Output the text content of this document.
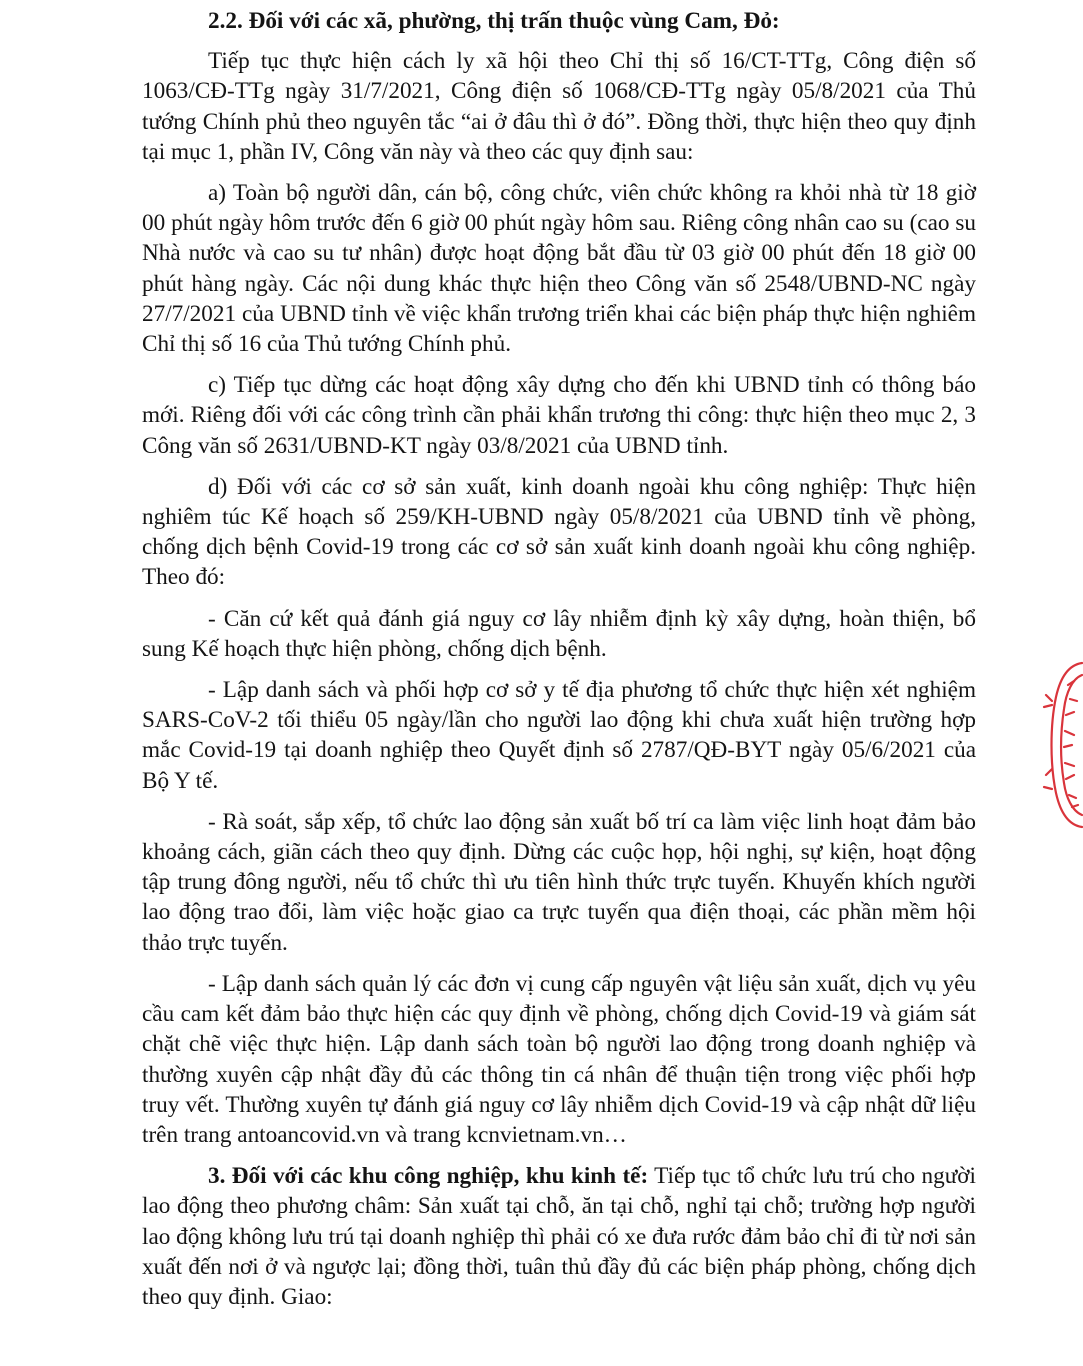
2.2. Đối với các xã, phường, thị trấn thuộc vùng Cam, Đỏ:

Tiếp tục thực hiện cách ly xã hội theo Chỉ thị số 16/CT-TTg, Công điện số 1063/CĐ-TTg ngày 31/7/2021, Công điện số 1068/CĐ-TTg ngày 05/8/2021 của Thủ tướng Chính phủ theo nguyên tắc “ai ở đâu thì ở đó”. Đồng thời, thực hiện theo quy định tại mục 1, phần IV, Công văn này và theo các quy định sau:

a) Toàn bộ người dân, cán bộ, công chức, viên chức không ra khỏi nhà từ 18 giờ 00 phút ngày hôm trước đến 6 giờ 00 phút ngày hôm sau. Riêng công nhân cao su (cao su Nhà nước và cao su tư nhân) được hoạt động bắt đầu từ 03 giờ 00 phút đến 18 giờ 00 phút hàng ngày. Các nội dung khác thực hiện theo Công văn số 2548/UBND-NC ngày 27/7/2021 của UBND tỉnh về việc khẩn trương triển khai các biện pháp thực hiện nghiêm Chỉ thị số 16 của Thủ tướng Chính phủ.

c) Tiếp tục dừng các hoạt động xây dựng cho đến khi UBND tỉnh có thông báo mới. Riêng đối với các công trình cần phải khẩn trương thi công: thực hiện theo mục 2, 3 Công văn số 2631/UBND-KT ngày 03/8/2021 của UBND tỉnh.

d) Đối với các cơ sở sản xuất, kinh doanh ngoài khu công nghiệp: Thực hiện nghiêm túc Kế hoạch số 259/KH-UBND ngày 05/8/2021 của UBND tỉnh về phòng, chống dịch bệnh Covid-19 trong các cơ sở sản xuất kinh doanh ngoài khu công nghiệp. Theo đó:

- Căn cứ kết quả đánh giá nguy cơ lây nhiễm định kỳ xây dựng, hoàn thiện, bổ sung Kế hoạch thực hiện phòng, chống dịch bệnh.

- Lập danh sách và phối hợp cơ sở y tế địa phương tổ chức thực hiện xét nghiệm SARS-CoV-2 tối thiểu 05 ngày/lần cho người lao động khi chưa xuất hiện trường hợp mắc Covid-19 tại doanh nghiệp theo Quyết định số 2787/QĐ-BYT ngày 05/6/2021 của Bộ Y tế.

- Rà soát, sắp xếp, tổ chức lao động sản xuất bố trí ca làm việc linh hoạt đảm bảo khoảng cách, giãn cách theo quy định. Dừng các cuộc họp, hội nghị, sự kiện, hoạt động tập trung đông người, nếu tổ chức thì ưu tiên hình thức trực tuyến. Khuyến khích người lao động trao đổi, làm việc hoặc giao ca trực tuyến qua điện thoại, các phần mềm hội thảo trực tuyến.

- Lập danh sách quản lý các đơn vị cung cấp nguyên vật liệu sản xuất, dịch vụ yêu cầu cam kết đảm bảo thực hiện các quy định về phòng, chống dịch Covid-19 và giám sát chặt chẽ việc thực hiện. Lập danh sách toàn bộ người lao động trong doanh nghiệp và thường xuyên cập nhật đầy đủ các thông tin cá nhân để thuận tiện trong việc phối hợp truy vết. Thường xuyên tự đánh giá nguy cơ lây nhiễm dịch Covid-19 và cập nhật dữ liệu trên trang antoancovid.vn và trang kcnvietnam.vn…

3. Đối với các khu công nghiệp, khu kinh tế: Tiếp tục tổ chức lưu trú cho người lao động theo phương châm: Sản xuất tại chỗ, ăn tại chỗ, nghỉ tại chỗ; trường hợp người lao động không lưu trú tại doanh nghiệp thì phải có xe đưa rước đảm bảo chỉ đi từ nơi sản xuất đến nơi ở và ngược lại; đồng thời, tuân thủ đầy đủ các biện pháp phòng, chống dịch theo quy định. Giao:
